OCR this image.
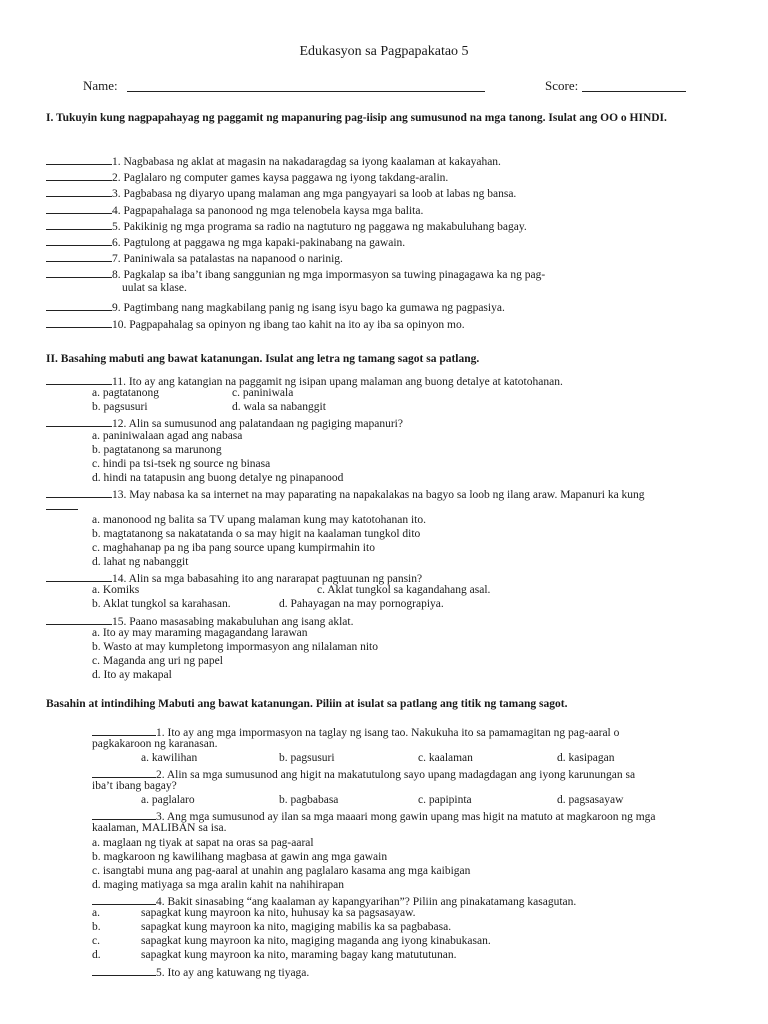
Edukasyon sa Pagpapakatao 5
Name:	Score:
I. Tukuyin kung nagpapahayag ng paggamit ng mapanuring pag-iisip ang sumusunod na mga tanong. Isulat ang OO o HINDI.
1. Nagbabasa ng aklat at magasin na nakadaragdag sa iyong kaalaman at kakayahan.
2. Paglalaro ng computer games kaysa paggawa ng iyong takdang-aralin.
3. Pagbabasa ng diyaryo upang malaman ang mga pangyayari sa loob at labas ng bansa.
4. Pagpapahalaga sa panonood ng mga telenobela kaysa mga balita.
5. Pakikinig ng mga programa sa radio na nagtuturo ng paggawa ng makabuluhang bagay.
6. Pagtulong at paggawa ng mga kapaki-pakinabang na gawain.
7. Paniniwala sa patalastas na napanood o narinig.
8. Pagkalap sa iba’t ibang sanggunian ng mga impormasyon sa tuwing pinagagawa ka ng pag-
uulat sa klase.
9. Pagtimbang nang magkabilang panig ng isang isyu bago ka gumawa ng pagpasiya.
10. Pagpapahalag sa opinyon ng ibang tao kahit na ito ay iba sa opinyon mo.
II. Basahing mabuti ang bawat katanungan. Isulat ang letra ng tamang sagot sa patlang.
11. Ito ay ang katangian na paggamit ng isipan upang malaman ang buong detalye at katotohanan.
a. pagtatanong	c. paniniwala
b. pagsusuri	d. wala sa nabanggit
12. Alin sa sumusunod ang palatandaan ng pagiging mapanuri?
a. paniniwalaan agad ang nabasa
b. pagtatanong sa marunong
c. hindi pa tsi-tsek ng source ng binasa
d. hindi na tatapusin ang buong detalye ng pinapanood
13. May nabasa ka sa internet na may paparating na napakalakas na bagyo sa loob ng ilang araw. Mapanuri ka kung
a. manonood ng balita sa TV upang malaman kung may katotohanan ito.
b. magtatanong sa nakatatanda o sa may higit na kaalaman tungkol dito
c. maghahanap pa ng iba pang source upang kumpirmahin ito
d. lahat ng nabanggit
14. Alin sa mga babasahing ito ang nararapat pagtuunan ng pansin?
a. Komiks	c. Aklat tungkol sa kagandahang asal.
b. Aklat tungkol sa karahasan.	d. Pahayagan na may pornograpiya.
15. Paano masasabing makabuluhan ang isang aklat.
a. Ito ay may maraming magagandang larawan
b. Wasto at may kumpletong impormasyon ang nilalaman nito
c. Maganda ang uri ng papel
d. Ito ay makapal
Basahin at intindihing Mabuti ang bawat katanungan. Piliin at isulat sa patlang ang titik ng tamang sagot.
1. Ito ay ang mga impormasyon na taglay ng isang tao. Nakukuha ito sa pamamagitan ng pag-aaral o
pagkakaroon ng karanasan.
a. kawilihan	b. pagsusuri	c. kaalaman	d. kasipagan
2. Alin sa mga sumusunod ang higit na makatutulong sayo upang madagdagan ang iyong karunungan sa
iba’t ibang bagay?
a. paglalaro	b. pagbabasa	c. papipinta	d. pagsasayaw
3. Ang mga sumusunod ay ilan sa mga maaari mong gawin upang mas higit na matuto at magkaroon ng mga
kaalaman, MALIBAN sa isa.
a. maglaan ng tiyak at sapat na oras sa pag-aaral
b. magkaroon ng kawilihang magbasa at gawin ang mga gawain
c. isangtabi muna ang pag-aaral at unahin ang paglalaro kasama ang mga kaibigan
d. maging matiyaga sa mga aralin kahit na nahihirapan
4. Bakit sinasabing “ang kaalaman ay kapangyarihan”? Piliin ang pinakatamang kasagutan.
a.	sapagkat kung mayroon ka nito, huhusay ka sa pagsasayaw.
b.	sapagkat kung mayroon ka nito, magiging mabilis ka sa pagbabasa.
c.	sapagkat kung mayroon ka nito, magiging maganda ang iyong kinabukasan.
d.	sapagkat kung mayroon ka nito, maraming bagay kang matututunan.
5. Ito ay ang katuwang ng tiyaga.
